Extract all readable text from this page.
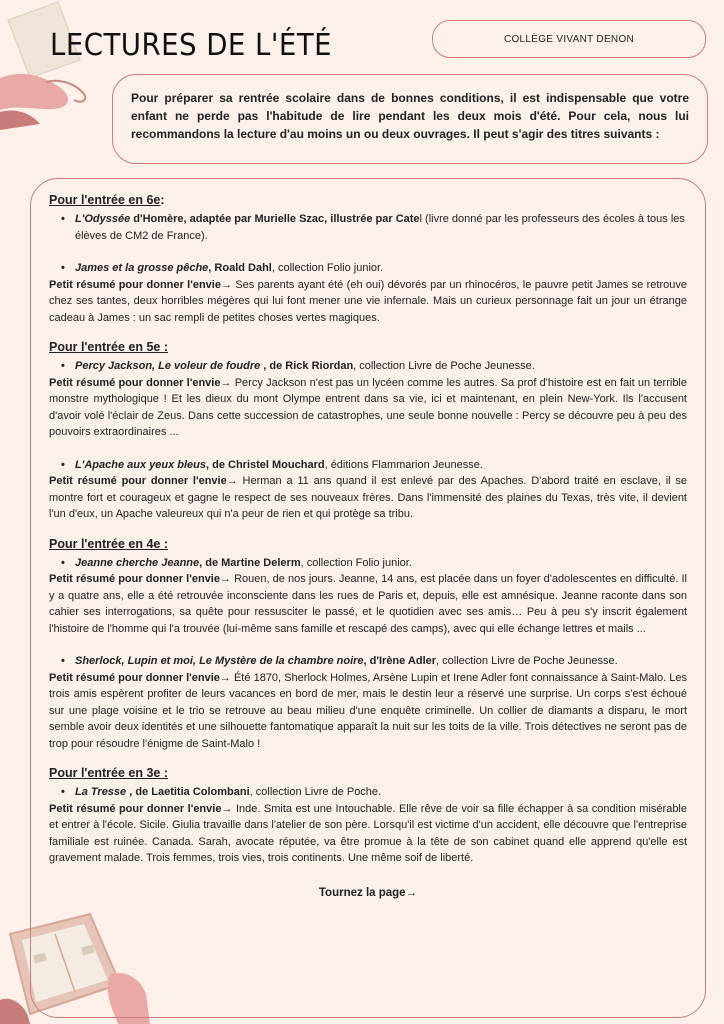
LECTURES DE L'ÉTÉ	COLLÈGE VIVANT DENON
Pour préparer sa rentrée scolaire dans de bonnes conditions, il est indispensable que votre enfant ne perde pas l'habitude de lire pendant les deux mois d'été. Pour cela, nous lui recommandons la lecture d'au moins un ou deux ouvrages. Il peut s'agir des titres suivants :
Pour l'entrée en 6e:
• L'Odyssée d'Homère, adaptée par Murielle Szac, illustrée par Catel (livre donné par les professeurs des écoles à tous les élèves de CM2 de France).
• James et la grosse pêche, Roald Dahl, collection Folio junior.
Petit résumé pour donner l'envie→ Ses parents ayant été (eh oui) dévorés par un rhinocéros, le pauvre petit James se retrouve chez ses tantes, deux horribles mégères qui lui font mener une vie infernale. Mais un curieux personnage fait un jour un étrange cadeau à James : un sac rempli de petites choses vertes magiques.
Pour l'entrée en 5e :
• Percy Jackson, Le voleur de foudre , de Rick Riordan, collection Livre de Poche Jeunesse.
Petit résumé pour donner l'envie→ Percy Jackson n'est pas un lycéen comme les autres. Sa prof d'histoire est en fait un terrible monstre mythologique ! Et les dieux du mont Olympe entrent dans sa vie, ici et maintenant, en plein New-York. Ils l'accusent d'avoir volé l'éclair de Zeus. Dans cette succession de catastrophes, une seule bonne nouvelle : Percy se découvre peu à peu des pouvoirs extraordinaires ...
• L'Apache aux yeux bleus, de Christel Mouchard, éditions Flammarion Jeunesse.
Petit résumé pour donner l'envie→ Herman a 11 ans quand il est enlevé par des Apaches. D'abord traité en esclave, il se montre fort et courageux et gagne le respect de ses nouveaux frères. Dans l'immensité des plaines du Texas, très vite, il devient l'un d'eux, un Apache valeureux qui n'a peur de rien et qui protège sa tribu.
Pour l'entrée en 4e :
• Jeanne cherche Jeanne, de Martine Delerm, collection Folio junior.
Petit résumé pour donner l'envie→ Rouen, de nos jours. Jeanne, 14 ans, est placée dans un foyer d'adolescentes en difficulté. Il y a quatre ans, elle a été retrouvée inconsciente dans les rues de Paris et, depuis, elle est amnésique. Jeanne raconte dans son cahier ses interrogations, sa quête pour ressusciter le passé, et le quotidien avec ses amis… Peu à peu s'y inscrit également l'histoire de l'homme qui l'a trouvée (lui-même sans famille et rescapé des camps), avec qui elle échange lettres et mails ...
• Sherlock, Lupin et moi, Le Mystère de la chambre noire, d'Irène Adler, collection Livre de Poche Jeunesse.
Petit résumé pour donner l'envie→ Été 1870, Sherlock Holmes, Arsène Lupin et Irene Adler font connaissance à Saint-Malo. Les trois amis espèrent profiter de leurs vacances en bord de mer, mais le destin leur a réservé une surprise. Un corps s'est échoué sur une plage voisine et le trio se retrouve au beau milieu d'une enquête criminelle. Un collier de diamants a disparu, le mort semble avoir deux identités et une silhouette fantomatique apparaît la nuit sur les toits de la ville. Trois détectives ne seront pas de trop pour résoudre l'énigme de Saint-Malo !
Pour l'entrée en 3e :
• La Tresse , de Laetitia Colombani, collection Livre de Poche.
Petit résumé pour donner l'envie→ Inde. Smita est une Intouchable. Elle rêve de voir sa fille échapper à sa condition misérable et entrer à l'école. Sicile. Giulia travaille dans l'atelier de son père. Lorsqu'il est victime d'un accident, elle découvre que l'entreprise familiale est ruinée. Canada. Sarah, avocate réputée, va être promue à la tête de son cabinet quand elle apprend qu'elle est gravement malade. Trois femmes, trois vies, trois continents. Une même soif de liberté.
Tournez la page→
